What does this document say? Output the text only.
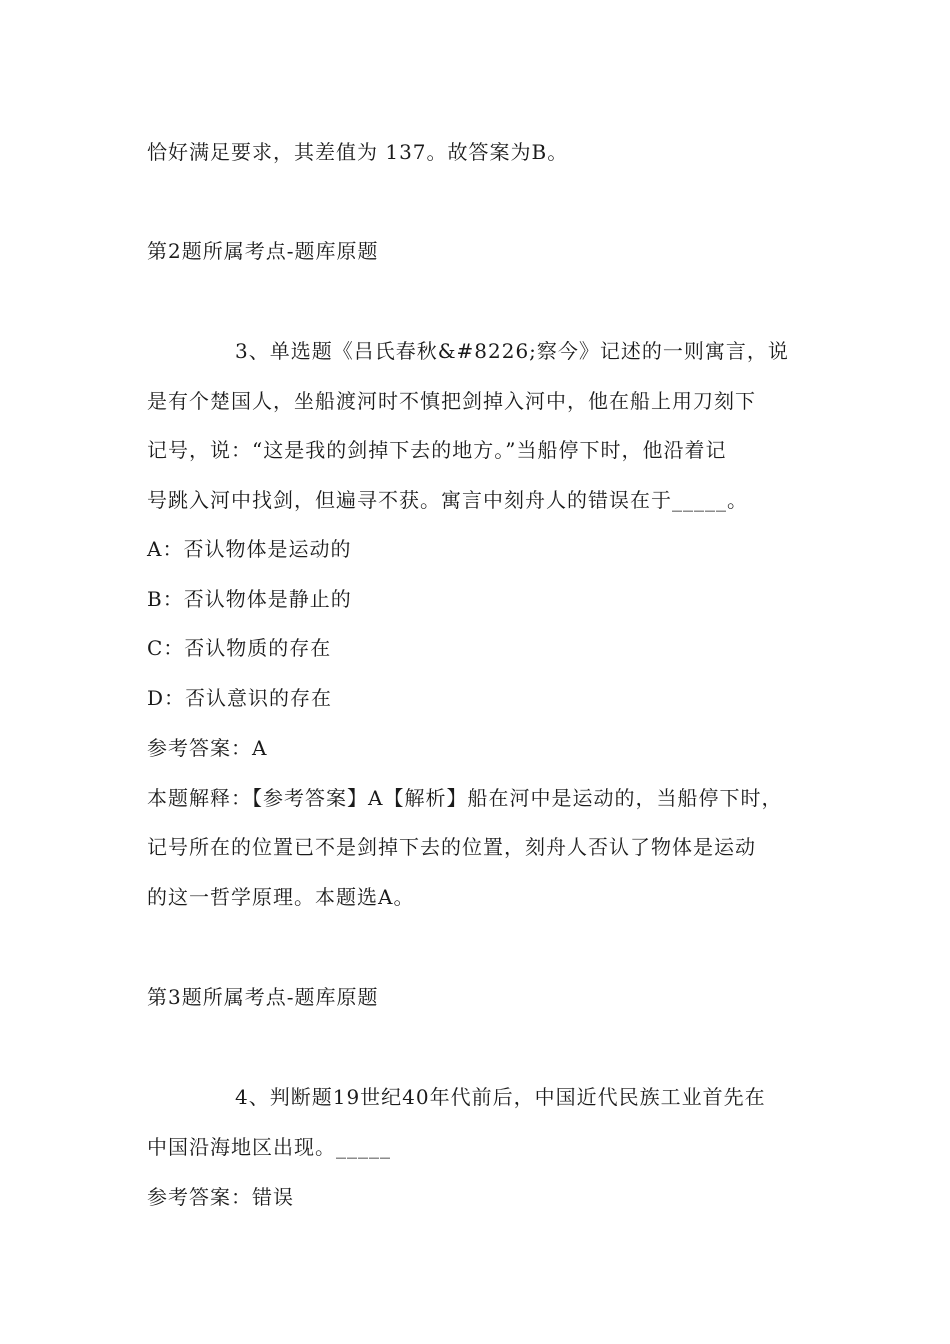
恰好满足要求，其差值为 137。故答案为B。
第2题所属考点-题库原题
3、单选题《吕氏春秋&#8226;察今》记述的一则寓言，说
是有个楚国人，坐船渡河时不慎把剑掉入河中，他在船上用刀刻下
记号，说：“这是我的剑掉下去的地方。”当船停下时，他沿着记
号跳入河中找剑，但遍寻不获。寓言中刻舟人的错误在于_____。
A：否认物体是运动的
B：否认物体是静止的
C：否认物质的存在
D：否认意识的存在
参考答案：A
本题解释：【参考答案】A【解析】船在河中是运动的，当船停下时，
记号所在的位置已不是剑掉下去的位置，刻舟人否认了物体是运动
的这一哲学原理。本题选A。
第3题所属考点-题库原题
4、判断题19世纪40年代前后，中国近代民族工业首先在
中国沿海地区出现。_____
参考答案：错误
